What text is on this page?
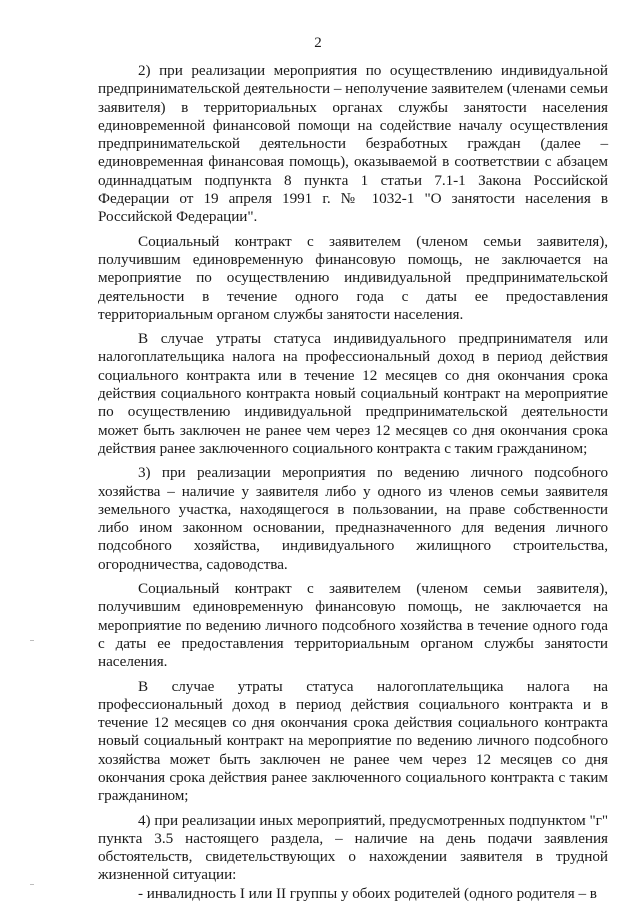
2

2) при реализации мероприятия по осуществлению индивидуальной предпринимательской деятельности – неполучение заявителем (членами семьи заявителя) в территориальных органах службы занятости населения единовременной финансовой помощи на содействие началу осуществления предпринимательской деятельности безработных граждан (далее – единовременная финансовая помощь), оказываемой в соответствии с абзацем одиннадцатым подпункта 8 пункта 1 статьи 7.1-1 Закона Российской Федерации от 19 апреля 1991 г. № 1032-1 "О занятости населения в Российской Федерации".

Социальный контракт с заявителем (членом семьи заявителя), получившим единовременную финансовую помощь, не заключается на мероприятие по осуществлению индивидуальной предпринимательской деятельности в течение одного года с даты ее предоставления территориальным органом службы занятости населения.

В случае утраты статуса индивидуального предпринимателя или налогоплательщика налога на профессиональный доход в период действия социального контракта или в течение 12 месяцев со дня окончания срока действия социального контракта новый социальный контракт на мероприятие по осуществлению индивидуальной предпринимательской деятельности может быть заключен не ранее чем через 12 месяцев со дня окончания срока действия ранее заключенного социального контракта с таким гражданином;

3) при реализации мероприятия по ведению личного подсобного хозяйства – наличие у заявителя либо у одного из членов семьи заявителя земельного участка, находящегося в пользовании, на праве собственности либо ином законном основании, предназначенного для ведения личного подсобного хозяйства, индивидуального жилищного строительства, огородничества, садоводства.

Социальный контракт с заявителем (членом семьи заявителя), получившим единовременную финансовую помощь, не заключается на мероприятие по ведению личного подсобного хозяйства в течение одного года с даты ее предоставления территориальным органом службы занятости населения.

В случае утраты статуса налогоплательщика налога на профессиональный доход в период действия социального контракта и в течение 12 месяцев со дня окончания срока действия социального контракта новый социальный контракт на мероприятие по ведению личного подсобного хозяйства может быть заключен не ранее чем через 12 месяцев со дня окончания срока действия ранее заключенного социального контракта с таким гражданином;

4) при реализации иных мероприятий, предусмотренных подпунктом "г" пункта 3.5 настоящего раздела, – наличие на день подачи заявления обстоятельств, свидетельствующих о нахождении заявителя в трудной жизненной ситуации:

- инвалидность I или II группы у обоих родителей (одного родителя – в
